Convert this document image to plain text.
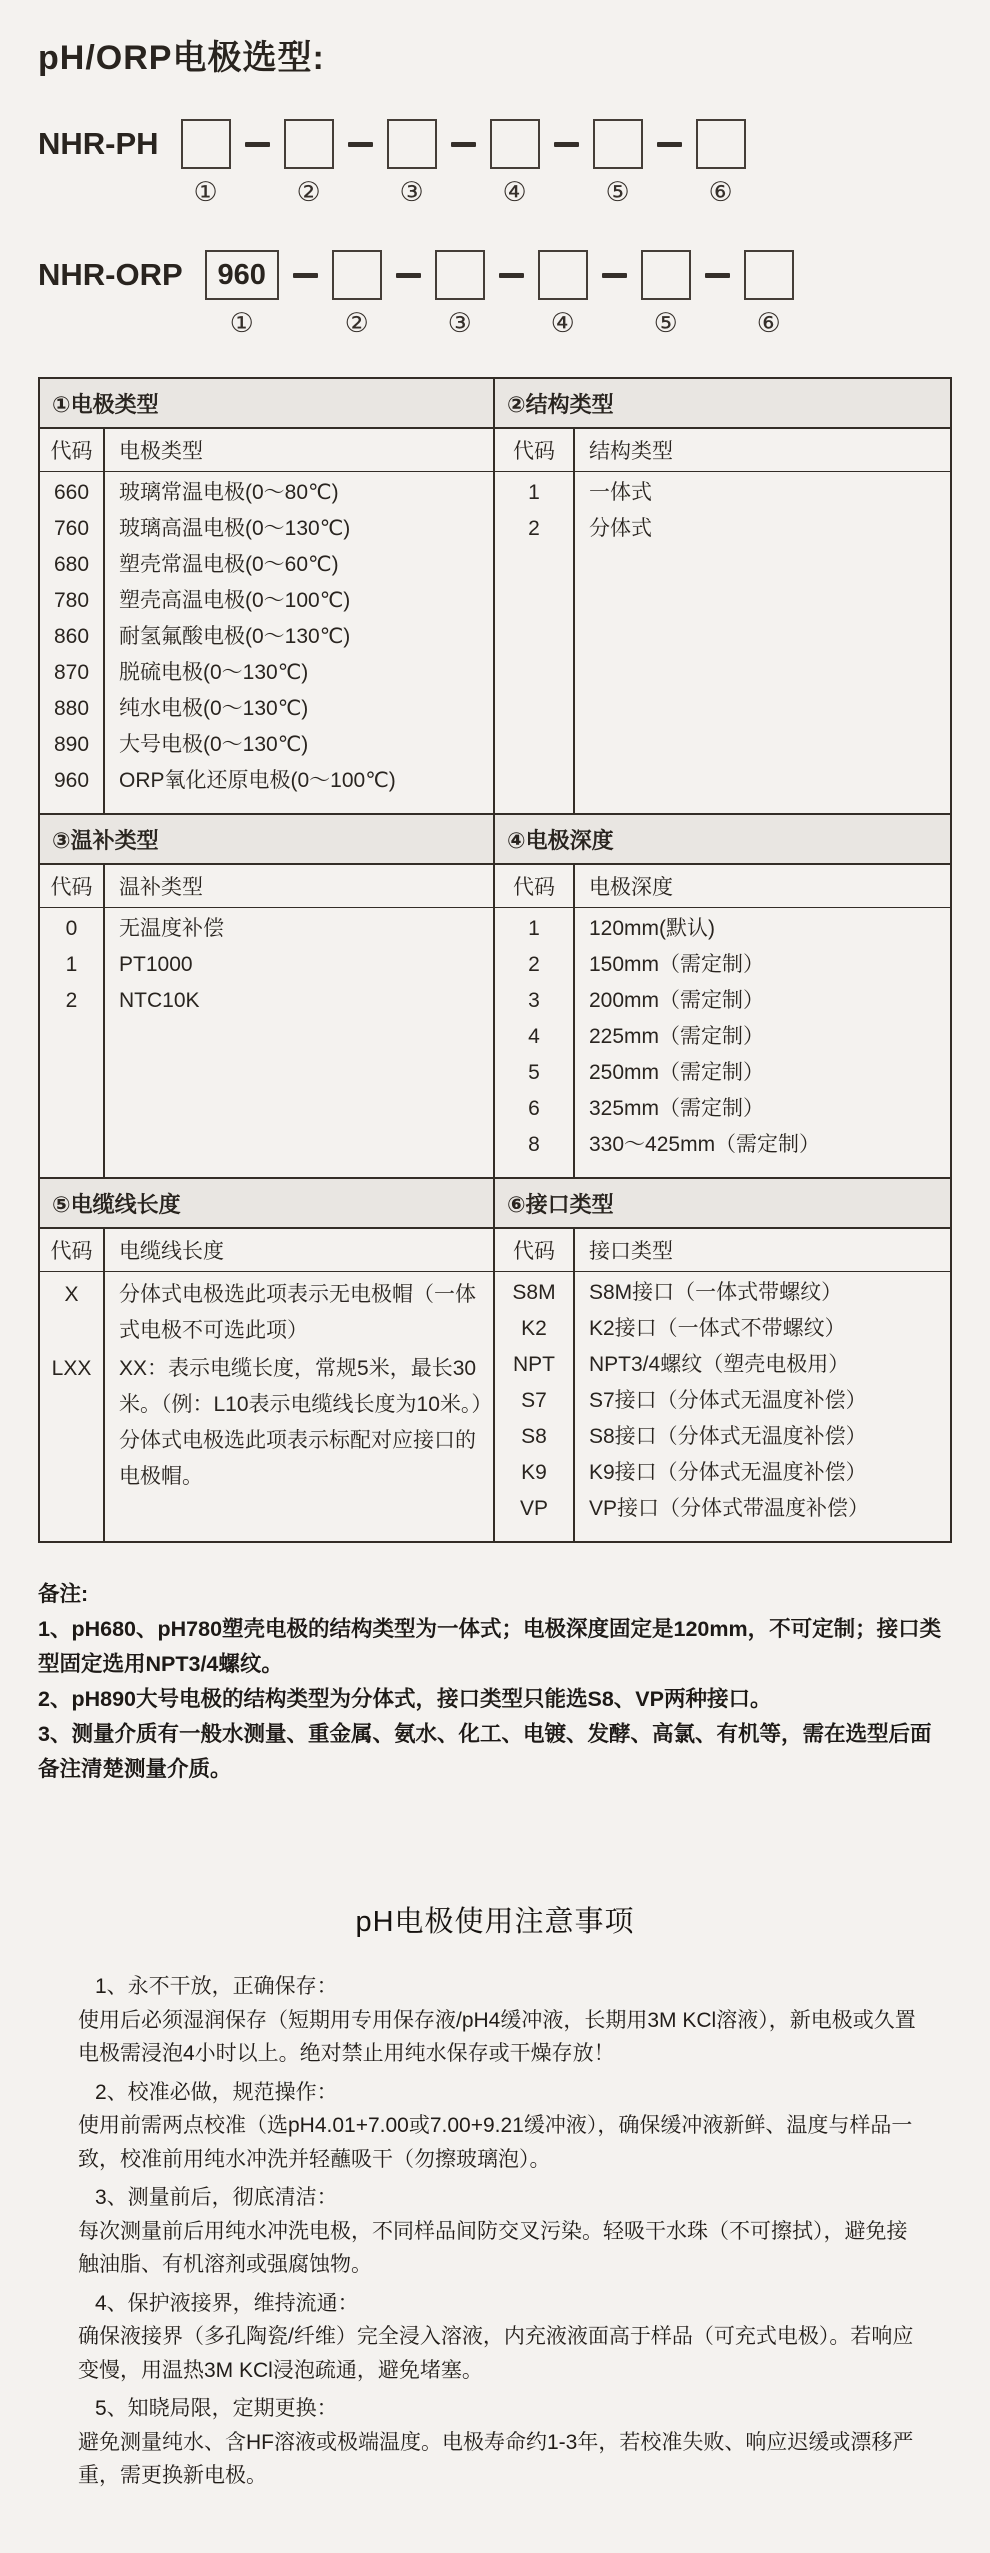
pH/ORP电极选型:
NHR-PH
①	②	③	④	⑤	⑥
NHR-ORP	960
①	②	③	④	⑤	⑥
①电极类型
代码	电极类型
660	玻璃常温电极(0～80℃)
760	玻璃高温电极(0～130℃)
680	塑壳常温电极(0～60℃)
780	塑壳高温电极(0～100℃)
860	耐氢氟酸电极(0～130℃)
870	脱硫电极(0～130℃)
880	纯水电极(0～130℃)
890	大号电极(0～130℃)
960	ORP氧化还原电极(0～100℃)
②结构类型
代码	结构类型
1	一体式
2	分体式
③温补类型
代码	温补类型
0	无温度补偿
1	PT1000
2	NTC10K
④电极深度
代码	电极深度
1	120mm(默认)
2	150mm（需定制）
3	200mm（需定制）
4	225mm（需定制）
5	250mm（需定制）
6	325mm（需定制）
8	330～425mm（需定制）
⑤电缆线长度
代码	电缆线长度
X	分体式电极选此项表示无电极帽（一体式电极不可选此项）
LXX	XX：表示电缆长度，常规5米，最长30米。（例：L10表示电缆线长度为10米。）分体式电极选此项表示标配对应接口的电极帽。
⑥接口类型
代码	接口类型
S8M	S8M接口（一体式带螺纹）
K2	K2接口（一体式不带螺纹）
NPT	NPT3/4螺纹（塑壳电极用）
S7	S7接口（分体式无温度补偿）
S8	S8接口（分体式无温度补偿）
K9	K9接口（分体式无温度补偿）
VP	VP接口（分体式带温度补偿）

备注:

1、pH680、pH780塑壳电极的结构类型为一体式；电极深度固定是120mm，不可定制；接口类型固定选用NPT3/4螺纹。

2、pH890大号电极的结构类型为分体式，接口类型只能选S8、VP两种接口。

3、测量介质有一般水测量、重金属、氨水、化工、电镀、发酵、高氯、有机等，需在选型后面备注清楚测量介质。

pH电极使用注意事项
1、永不干放，正确保存：
使用后必须湿润保存（短期用专用保存液/pH4缓冲液，长期用3M KCl溶液），新电极或久置电极需浸泡4小时以上。绝对禁止用纯水保存或干燥存放！
2、校准必做，规范操作：
使用前需两点校准（选pH4.01+7.00或7.00+9.21缓冲液），确保缓冲液新鲜、温度与样品一致，校准前用纯水冲洗并轻蘸吸干（勿擦玻璃泡）。
3、测量前后，彻底清洁：
每次测量前后用纯水冲洗电极，不同样品间防交叉污染。轻吸干水珠（不可擦拭），避免接触油脂、有机溶剂或强腐蚀物。
4、保护液接界，维持流通：
确保液接界（多孔陶瓷/纤维）完全浸入溶液，内充液液面高于样品（可充式电极）。若响应变慢，用温热3M KCl浸泡疏通，避免堵塞。
5、知晓局限，定期更换：
避免测量纯水、含HF溶液或极端温度。电极寿命约1-3年，若校准失败、响应迟缓或漂移严重，需更换新电极。
